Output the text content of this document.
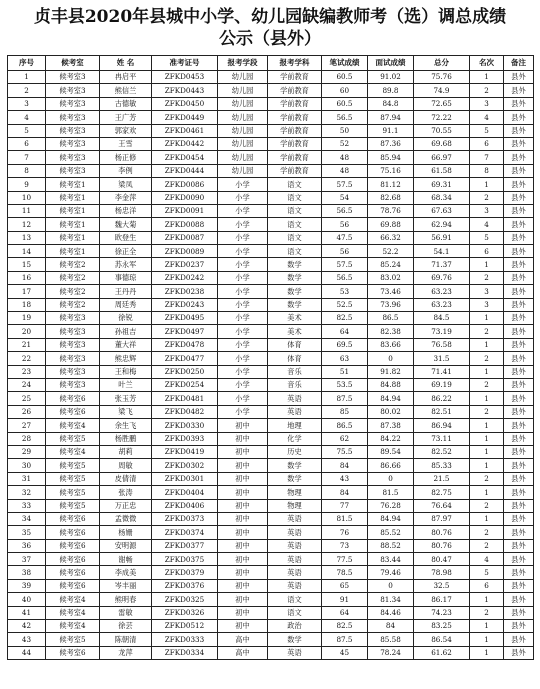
贞丰县2020年县城中小学、幼儿园缺编教师考（选）调总成绩
公示（县外）
序号	候考室	姓 名	准考证号	报考学段	报考学科	笔试成绩	面试成绩	总分	名次	备注
1	候考室3	冉启平	ZFKD0453	幼儿园	学前教育	60.5	91.02	75.76	1	县外
2	候考室3	熊信兰	ZFKD0443	幼儿园	学前教育	60	89.8	74.9	2	县外
3	候考室3	古德敏	ZFKD0450	幼儿园	学前教育	60.5	84.8	72.65	3	县外
4	候考室3	王广芳	ZFKD0449	幼儿园	学前教育	56.5	87.94	72.22	4	县外
5	候考室3	郭家欢	ZFKD0461	幼儿园	学前教育	50	91.1	70.55	5	县外
6	候考室3	王雪	ZFKD0442	幼儿园	学前教育	52	87.36	69.68	6	县外
7	候考室3	杨正修	ZFKD0454	幼儿园	学前教育	48	85.94	66.97	7	县外
8	候考室3	李例	ZFKD0444	幼儿园	学前教育	48	75.16	61.58	8	县外
9	候考室1	梁凤	ZFKD0086	小学	语文	57.5	81.12	69.31	1	县外
10	候考室1	李金萍	ZFKD0090	小学	语文	54	82.68	68.34	2	县外
11	候考室1	杨忠洋	ZFKD0091	小学	语文	56.5	78.76	67.63	3	县外
12	候考室1	魏大菊	ZFKD0088	小学	语文	56	69.88	62.94	4	县外
13	候考室1	欧登生	ZFKD0087	小学	语文	47.5	66.32	56.91	5	县外
14	候考室1	徐正全	ZFKD0089	小学	语文	56	52.2	54.1	6	县外
15	候考室2	苏永军	ZFKD0237	小学	数学	57.5	85.24	71.37	1	县外
16	候考室2	事德琼	ZFKD0242	小学	数学	56.5	83.02	69.76	2	县外
17	候考室2	王丹丹	ZFKD0238	小学	数学	53	73.46	63.23	3	县外
18	候考室2	周廷秀	ZFKD0243	小学	数学	52.5	73.96	63.23	3	县外
19	候考室3	徐锐	ZFKD0495	小学	美术	82.5	86.5	84.5	1	县外
20	候考室3	孙祖吉	ZFKD0497	小学	美术	64	82.38	73.19	2	县外
21	候考室3	董大祥	ZFKD0478	小学	体育	69.5	83.66	76.58	1	县外
22	候考室3	熊忠辉	ZFKD0477	小学	体育	63	0	31.5	2	县外
23	候考室3	王和梅	ZFKD0250	小学	音乐	51	91.82	71.41	1	县外
24	候考室3	叶兰	ZFKD0254	小学	音乐	53.5	84.88	69.19	2	县外
25	候考室6	张玉芳	ZFKD0481	小学	英语	87.5	84.94	86.22	1	县外
26	候考室6	梁飞	ZFKD0482	小学	英语	85	80.02	82.51	2	县外
27	候考室4	余生飞	ZFKD0330	初中	地理	86.5	87.38	86.94	1	县外
28	候考室5	杨胜鹏	ZFKD0393	初中	化学	62	84.22	73.11	1	县外
29	候考室4	胡莉	ZFKD0419	初中	历史	75.5	89.54	82.52	1	县外
30	候考室5	周敏	ZFKD0302	初中	数学	84	86.66	85.33	1	县外
31	候考室5	皮倩清	ZFKD0301	初中	数学	43	0	21.5	2	县外
32	候考室5	张涛	ZFKD0404	初中	物理	84	81.5	82.75	1	县外
33	候考室5	万正忠	ZFKD0406	初中	物理	77	76.28	76.64	2	县外
34	候考室6	孟微微	ZFKD0373	初中	英语	81.5	84.94	87.97	1	县外
35	候考室6	杨姗	ZFKD0374	初中	英语	76	85.52	80.76	2	县外
36	候考室6	安明源	ZFKD0377	初中	英语	73	88.52	80.76	2	县外
37	候考室6	谢畅	ZFKD0375	初中	英语	77.5	83.44	80.47	4	县外
38	候考室6	李成美	ZFKD0379	初中	英语	78.5	79.46	78.98	5	县外
39	候考室6	岑丰丽	ZFKD0376	初中	英语	65	0	32.5	6	县外
40	候考室4	熊明春	ZFKD0325	初中	语文	91	81.34	86.17	1	县外
41	候考室4	雷敏	ZFKD0326	初中	语文	64	84.46	74.23	2	县外
42	候考室4	徐芸	ZFKD0512	初中	政治	82.5	84	83.25	1	县外
43	候考室5	陈朝清	ZFKD0333	高中	数学	87.5	85.58	86.54	1	县外
44	候考室6	龙萍	ZFKD0334	高中	英语	45	78.24	61.62	1	县外
